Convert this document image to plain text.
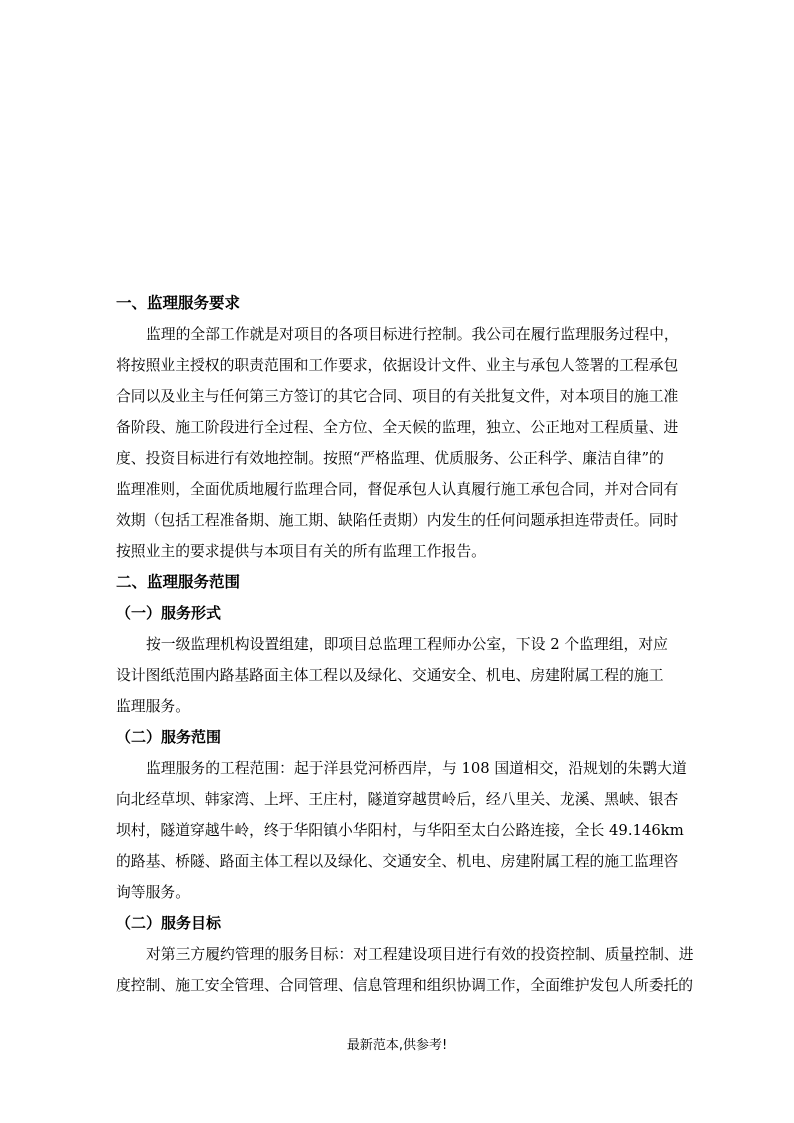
一、监理服务要求
监理的全部工作就是对项目的各项目标进行控制。我公司在履行监理服务过程中，
将按照业主授权的职责范围和工作要求，依据设计文件、业主与承包人签署的工程承包
合同以及业主与任何第三方签订的其它合同、项目的有关批复文件，对本项目的施工准
备阶段、施工阶段进行全过程、全方位、全天候的监理，独立、公正地对工程质量、进
度、投资目标进行有效地控制。按照“严格监理、优质服务、公正科学、廉洁自律”的
监理准则，全面优质地履行监理合同，督促承包人认真履行施工承包合同，并对合同有
效期（包括工程准备期、施工期、缺陷任责期）内发生的任何问题承担连带责任。同时
按照业主的要求提供与本项目有关的所有监理工作报告。
二、监理服务范围
（一）服务形式
按一级监理机构设置组建，即项目总监理工程师办公室，下设 2 个监理组，对应
设计图纸范围内路基路面主体工程以及绿化、交通安全、机电、房建附属工程的施工
监理服务。
（二）服务范围
监理服务的工程范围：起于洋县党河桥西岸，与 108 国道相交，沿规划的朱鹮大道
向北经草坝、韩家湾、上坪、王庄村，隧道穿越贯岭后，经八里关、龙溪、黑峡、银杏
坝村，隧道穿越牛岭，终于华阳镇小华阳村，与华阳至太白公路连接，全长 49.146km
的路基、桥隧、路面主体工程以及绿化、交通安全、机电、房建附属工程的施工监理咨
询等服务。
（二）服务目标
对第三方履约管理的服务目标：对工程建设项目进行有效的投资控制、质量控制、进
度控制、施工安全管理、合同管理、信息管理和组织协调工作，全面维护发包人所委托的
最新范本,供参考!
